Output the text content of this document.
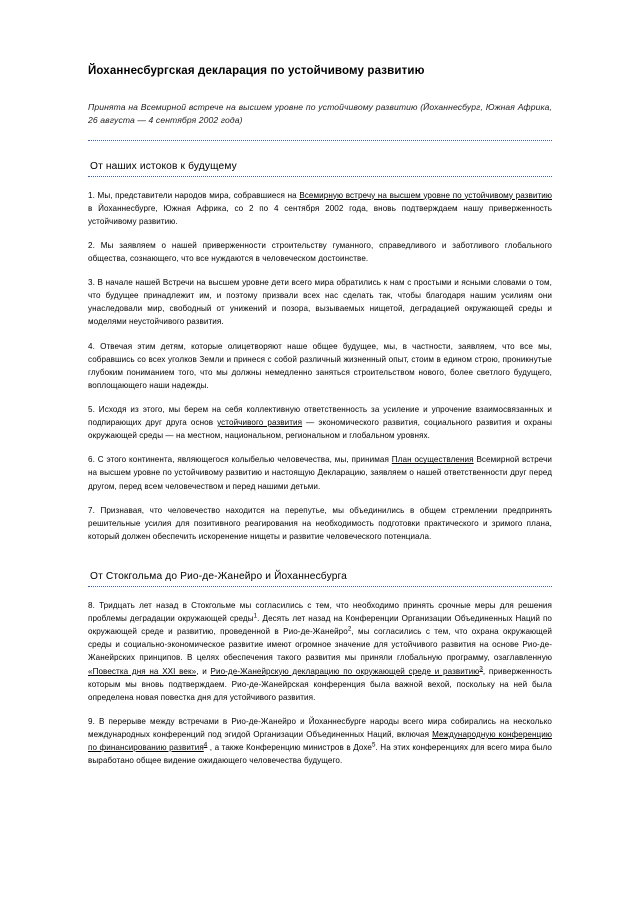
Йоханнесбургская декларация по устойчивому развитию
Принята на Всемирной встрече на высшем уровне по устойчивому развитию (Йоханнесбург, Южная Африка, 26 августа — 4 сентября 2002 года)
От наших истоков к будущему

1. Мы, представители народов мира, собравшиеся на Всемирную встречу на высшем уровне по устойчивому развитию в Йоханнесбурге, Южная Африка, со 2 по 4 сентября 2002 года, вновь подтверждаем нашу приверженность устойчивому развитию.

2. Мы заявляем о нашей приверженности строительству гуманного, справедливого и заботливого глобального общества, сознающего, что все нуждаются в человеческом достоинстве.

3. В начале нашей Встречи на высшем уровне дети всего мира обратились к нам с простыми и ясными словами о том, что будущее принадлежит им, и поэтому призвали всех нас сделать так, чтобы благодаря нашим усилиям они унаследовали мир, свободный от унижений и позора, вызываемых нищетой, деградацией окружающей среды и моделями неустойчивого развития.

4. Отвечая этим детям, которые олицетворяют наше общее будущее, мы, в частности, заявляем, что все мы, собравшись со всех уголков Земли и принеся с собой различный жизненный опыт, стоим в едином строю, проникнутые глубоким пониманием того, что мы должны немедленно заняться строительством нового, более светлого будущего, воплощающего наши надежды.

5. Исходя из этого, мы берем на себя коллективную ответственность за усиление и упрочение взаимосвязанных и подпирающих друг друга основ устойчивого развития — экономического развития, социального развития и охраны окружающей среды — на местном, национальном, региональном и глобальном уровнях.

6. С этого континента, являющегося колыбелью человечества, мы, принимая План осуществления Всемирной встречи на высшем уровне по устойчивому развитию и настоящую Декларацию, заявляем о нашей ответственности друг перед другом, перед всем человечеством и перед нашими детьми.

7. Признавая, что человечество находится на перепутье, мы объединились в общем стремлении предпринять решительные усилия для позитивного реагирования на необходимость подготовки практического и зримого плана, который должен обеспечить искоренение нищеты и развитие человеческого потенциала.

От Стокгольма до Рио-де-Жанейро и Йоханнесбурга

8. Тридцать лет назад в Стокгольме мы согласились с тем, что необходимо принять срочные меры для решения проблемы деградации окружающей среды$^1$. Десять лет назад на Конференции Организации Объединенных Наций по окружающей среде и развитию, проведенной в Рио-де-Жанейро$^2$, мы согласились с тем, что охрана окружающей среды и социально-экономическое развитие имеют огромное значение для устойчивого развития на основе Рио-де-Жанейрских принципов. В целях обеспечения такого развития мы приняли глобальную программу, озаглавленную «Повестка дня на XXI век», и Рио-де-Жанейрскую декларацию по окружающей среде и развитию$^3$, приверженность которым мы вновь подтверждаем. Рио-де-Жанейрская конференция была важной вехой, поскольку на ней была определена новая повестка дня для устойчивого развития.

9. В перерыве между встречами в Рио-де-Жанейро и Йоханнесбурге народы всего мира собирались на несколько международных конференций под эгидой Организации Объединенных Наций, включая Международную конференцию по финансированию развития$^4$ , а также Конференцию министров в Дохе$^5$. На этих конференциях для всего мира было выработано общее видение ожидающего человечества будущего.
